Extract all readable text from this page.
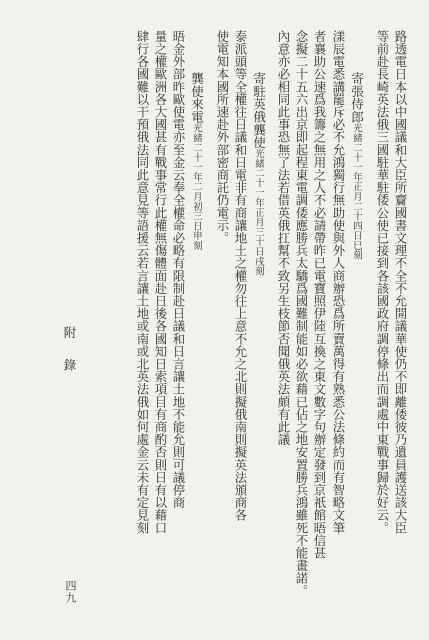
路透電日本以中國議和大臣所齎國書文理不全不允開議華使仍不即離倭彼乃遺員護送該大臣
等前赴長崎英法俄三國駐華駐倭公使已接到各該國政府調停條出而調處中東戰事歸於好云。
寄張侍郎光緒二十一年正月二十四日巳刻
漾辰電悉講罷斥必不允鴻獨行無助使與外人商辦恐爲所賣萬得有熟悉公法條約而有智略文筆
者襄助公速爲我籌之無用之人不必請帶昨已電寶照伊陸互換之東文數字句辦定發到京祇館晤信甚
念擬二十五六出京即起程東電調倭應勝兵太驕爲國難制能如必欲藉已佔之地安置勝兵鴻雖死不能畫諾。
內意亦必相同此事恐無了法若借英俄扛幫不致另生枝節否聞俄英法頗有此議
寄駐英俄龔使光緒二十一年正月三十日戌刻
泰派頭等全權往日議和日電非有商讓地土之權勿往上意不允之北則擬俄南則擬英法頒商各
使電知本國所速赴外部密商託仍電示。
龔使來電光緒二十一年二月初三日申刻
晤金外部昨歐使電亦至金云奉全權命必略有限制赴日議和日言讓土地不能允則可議停商
量之權歐洲各大國甚有戰事常行此權無傷體面赴日後各國知日索項目有商酌否則日有以藉口
肆行各國難以干預俄法同此意見等語援云若言讓土地或南或北英法俄如何處金云未有定見刻
附錄
四九
